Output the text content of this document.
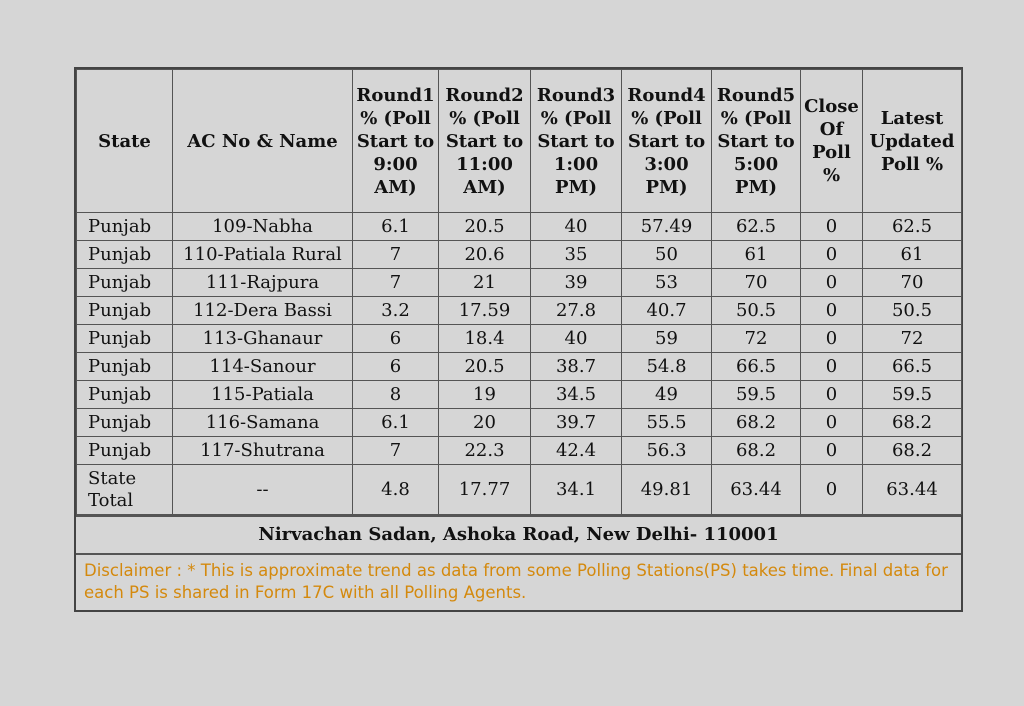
State	AC No & Name	Round1 % (Poll Start to 9:00 AM)	Round2 % (Poll Start to 11:00 AM)	Round3 % (Poll Start to 1:00 PM)	Round4 % (Poll Start to 3:00 PM)	Round5 % (Poll Start to 5:00 PM)	Close Of Poll %	Latest Updated Poll %
Punjab	109-Nabha	6.1	20.5	40	57.49	62.5	0	62.5
Punjab	110-Patiala Rural	7	20.6	35	50	61	0	61
Punjab	111-Rajpura	7	21	39	53	70	0	70
Punjab	112-Dera Bassi	3.2	17.59	27.8	40.7	50.5	0	50.5
Punjab	113-Ghanaur	6	18.4	40	59	72	0	72
Punjab	114-Sanour	6	20.5	38.7	54.8	66.5	0	66.5
Punjab	115-Patiala	8	19	34.5	49	59.5	0	59.5
Punjab	116-Samana	6.1	20	39.7	55.5	68.2	0	68.2
Punjab	117-Shutrana	7	22.3	42.4	56.3	68.2	0	68.2
State Total	--	4.8	17.77	34.1	49.81	63.44	0	63.44
Nirvachan Sadan, Ashoka Road, New Delhi- 110001
Disclaimer : * This is approximate trend as data from some Polling Stations(PS) takes time. Final data for each PS is shared in Form 17C with all Polling Agents.
